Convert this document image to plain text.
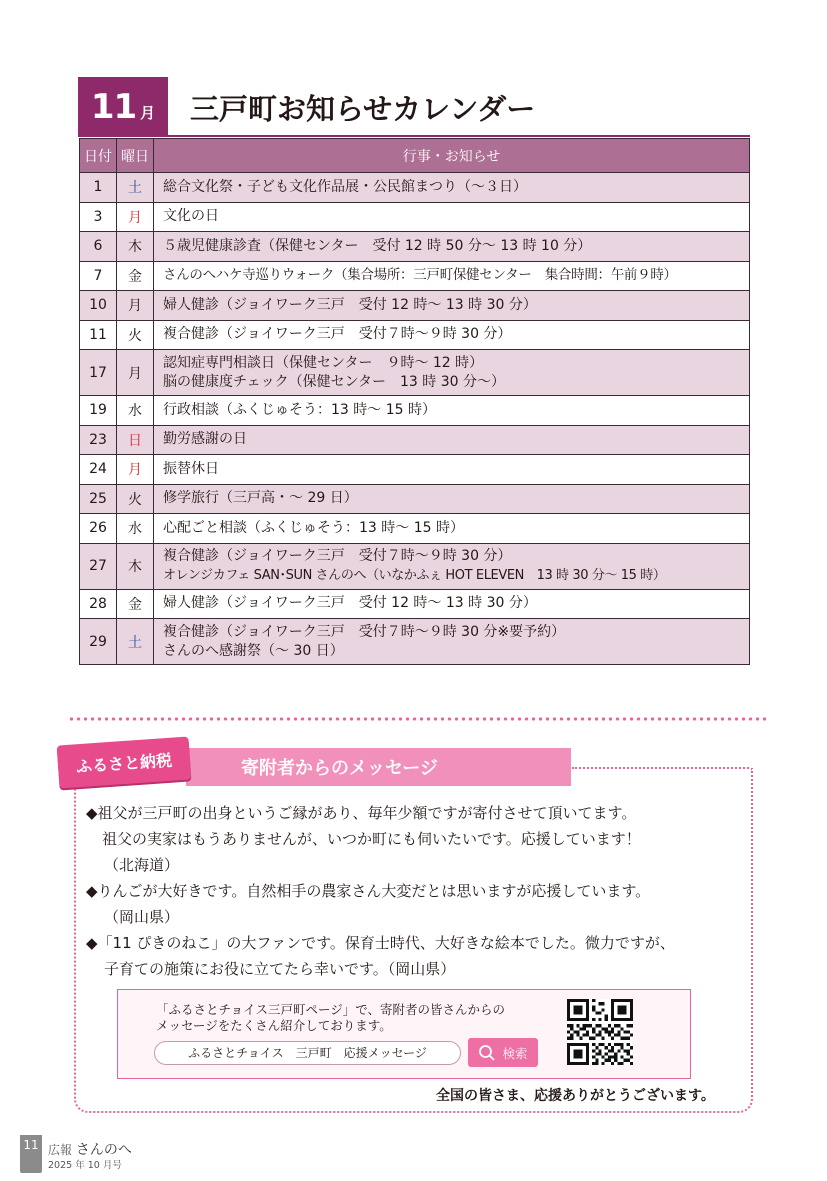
11 月 三戸町お知らせカレンダー
日付	曜日	行事・お知らせ
1	土	総合文化祭・子ども文化作品展・公民館まつり（～３日）

3	月	文化の日

6	木	５歳児健康診査（保健センター　受付 12 時 50 分～ 13 時 10 分）

7	金	さんのへハケ寺巡りウォーク（集合場所：三戸町保健センター　集合時間：午前９時）

10	月	婦人健診（ジョイワーク三戸　受付 12 時～ 13 時 30 分）

11	火	複合健診（ジョイワーク三戸　受付７時～９時 30 分）

17	月	認知症専門相談日（保健センター　９時～ 12 時）
脳の健康度チェック（保健センター　13 時 30 分～）

19	水	行政相談（ふくじゅそう：13 時～ 15 時）

23	日	勤労感謝の日

24	月	振替休日

25	火	修学旅行（三戸高・～ 29 日）

26	水	心配ごと相談（ふくじゅそう：13 時～ 15 時）

27	木	複合健診（ジョイワーク三戸　受付７時～９時 30 分）
オレンジカフェ SAN･SUN さんのへ（いなかふぇ HOT ELEVEN　13 時 30 分～ 15 時）

28	金	婦人健診（ジョイワーク三戸　受付 12 時～ 13 時 30 分）

29	土	複合健診（ジョイワーク三戸　受付７時～９時 30 分※要予約）
さんのへ感謝祭（～ 30 日）
寄附者からのメッセージ
ふるさと納税
◆祖父が三戸町の出身というご縁があり、毎年少額ですが寄付させて頂いてます。
祖父の実家はもうありませんが、いつか町にも伺いたいです。応援しています！
（北海道）
◆りんごが大好きです。自然相手の農家さん大変だとは思いますが応援しています。
（岡山県）
◆「11 ぴきのねこ」の大ファンです。保育士時代、大好きな絵本でした。微力ですが、
子育ての施策にお役に立てたら幸いです。（岡山県）
「ふるさとチョイス三戸町ページ」で、寄附者の皆さんからの
メッセージをたくさん紹介しております。
ふるさとチョイス　三戸町　応援メッセージ	検索
全国の皆さま、応援ありがとうございます。
11 広報 さんのへ
2025 年 10 月号
